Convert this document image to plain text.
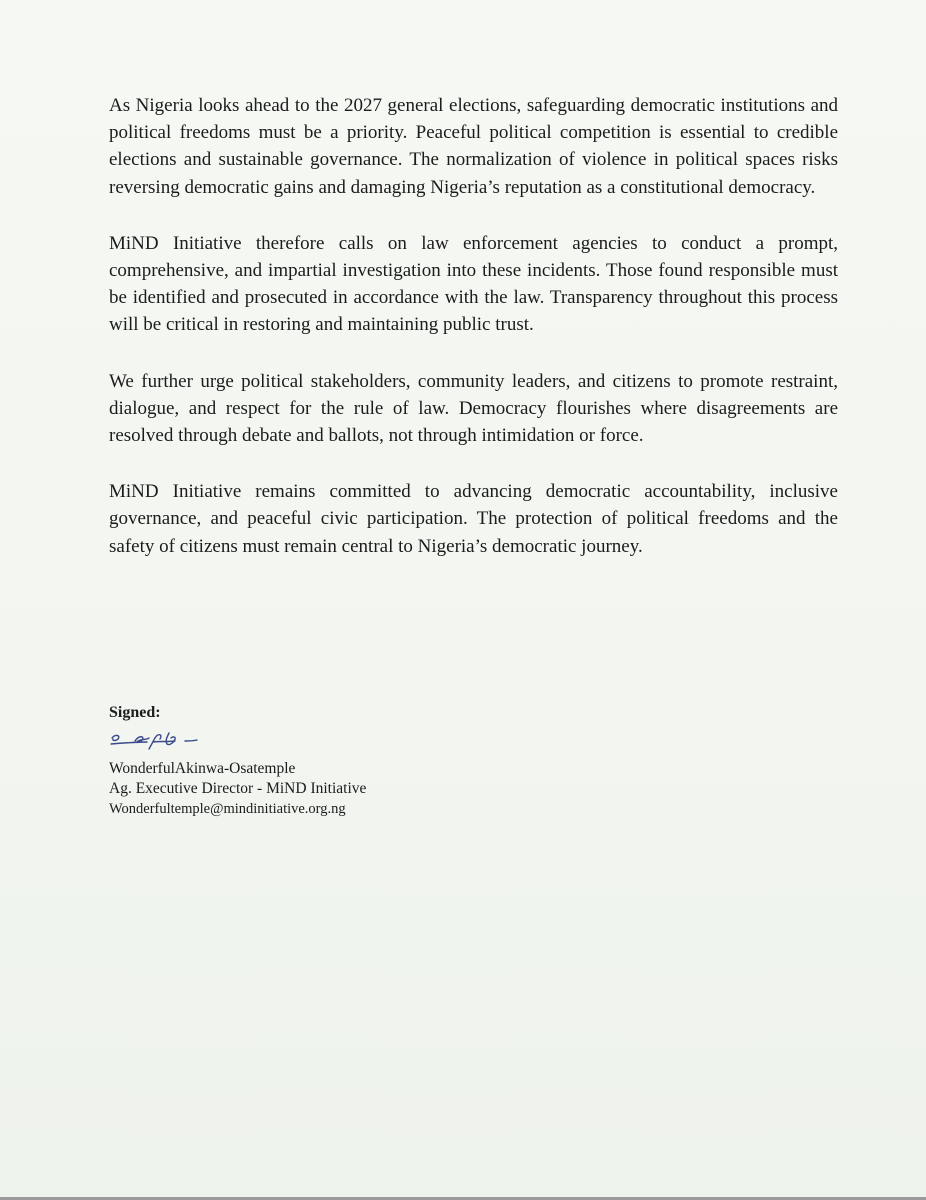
As Nigeria looks ahead to the 2027 general elections, safeguarding democratic institutions and political freedoms must be a priority. Peaceful political competition is essential to credible elections and sustainable governance. The normalization of violence in political spaces risks reversing democratic gains and damaging Nigeria’s reputation as a constitutional democracy.

MiND Initiative therefore calls on law enforcement agencies to conduct a prompt, comprehensive, and impartial investigation into these incidents. Those found responsible must be identified and prosecuted in accordance with the law. Transparency throughout this process will be critical in restoring and maintaining public trust.

We further urge political stakeholders, community leaders, and citizens to promote restraint, dialogue, and respect for the rule of law. Democracy flourishes where disagreements are resolved through debate and ballots, not through intimidation or force.

MiND Initiative remains committed to advancing democratic accountability, inclusive governance, and peaceful civic participation. The protection of political freedoms and the safety of citizens must remain central to Nigeria’s democratic journey.

Signed:

WonderfulAkinwa-Osatemple

Ag. Executive Director - MiND Initiative

Wonderfultemple@mindinitiative.org.ng
